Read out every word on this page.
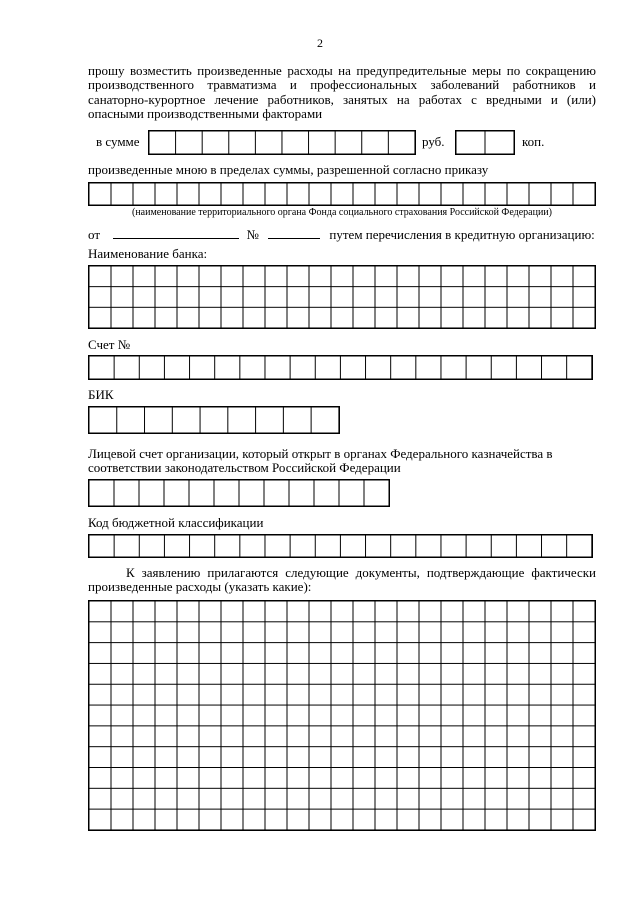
2
прошу возместить произведенные расходы на предупредительные меры по сокращению
производственного травматизма и профессиональных заболеваний работников и
санаторно-курортное лечение работников, занятых на работах с вредными и (или)
опасными производственными факторами
в сумме	руб.	коп.
произведенные мною в пределах суммы, разрешенной согласно приказу
(наименование территориального органа Фонда социального страхования Российской Федерации)
от	№	путем перечисления в кредитную организацию:
Наименование банка:
Счет №
БИК
Лицевой счет организации, который открыт в органах Федерального казначейства в
соответствии законодательством Российской Федерации
Код бюджетной классификации
К заявлению прилагаются следующие документы, подтверждающие фактически
произведенные расходы (указать какие):
